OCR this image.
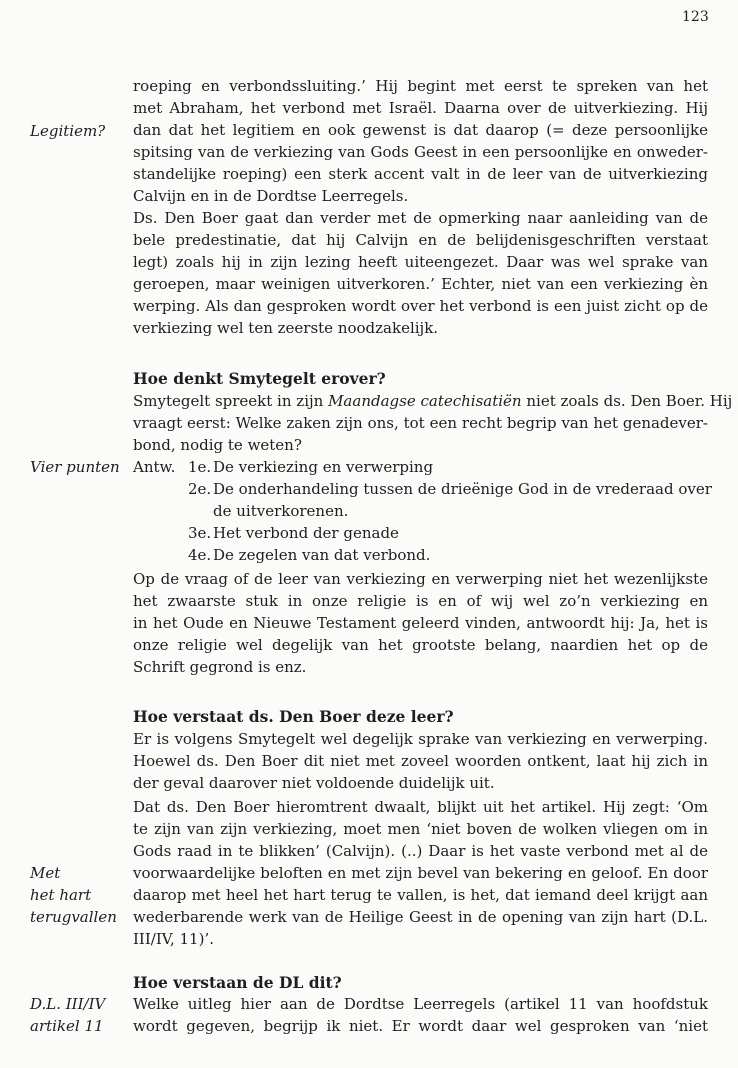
123
Legitiem?
Vier punten
Met
het hart
terugvallen
D.L. III/IV
artikel 11
roeping en verbondssluiting.’ Hij begint met eerst te spreken van het
met Abraham, het verbond met Israël. Daarna over de uitverkiezing. Hij
dan dat het legitiem en ook gewenst is dat daarop (= deze persoonlijke
spitsing van de verkiezing van Gods Geest in een persoonlijke en onweder-
standelijke roeping) een sterk accent valt in de leer van de uitverkiezing
Calvijn en in de Dordtse Leerregels.
Ds. Den Boer gaat dan verder met de opmerking naar aanleiding van de
bele predestinatie, dat hij Calvijn en de belijdenisgeschriften verstaat
legt) zoals hij in zijn lezing heeft uiteengezet. Daar was wel sprake van
geroepen, maar weinigen uitverkoren.’ Echter, niet van een verkiezing èn
werping. Als dan gesproken wordt over het verbond is een juist zicht op de
verkiezing wel ten zeerste noodzakelijk.
Hoe denkt Smytegelt erover?
Smytegelt spreekt in zijn Maandagse catechisatiën niet zoals ds. Den Boer. Hij
vraagt eerst: Welke zaken zijn ons, tot een recht begrip van het genadever-
bond, nodig te weten?
Antw. 1e. De verkiezing en verwerping
2e. De onderhandeling tussen de drieënige God in de vrederaad over
de uitverkorenen.
3e. Het verbond der genade
4e. De zegelen van dat verbond.
Op de vraag of de leer van verkiezing en verwerping niet het wezenlijkste
het zwaarste stuk in onze religie is en of wij wel zo’n verkiezing en
in het Oude en Nieuwe Testament geleerd vinden, antwoordt hij: Ja, het is
onze religie wel degelijk van het grootste belang, naardien het op de
Schrift gegrond is enz.
Hoe verstaat ds. Den Boer deze leer?
Er is volgens Smytegelt wel degelijk sprake van verkiezing en verwerping.
Hoewel ds. Den Boer dit niet met zoveel woorden ontkent, laat hij zich in
der geval daarover niet voldoende duidelijk uit.
Dat ds. Den Boer hieromtrent dwaalt, blijkt uit het artikel. Hij zegt: ‘Om
te zijn van zijn verkiezing, moet men ‘niet boven de wolken vliegen om in
Gods raad in te blikken’ (Calvijn). (..) Daar is het vaste verbond met al de
voorwaardelijke beloften en met zijn bevel van bekering en geloof. En door
daarop met heel het hart terug te vallen, is het, dat iemand deel krijgt aan
wederbarende werk van de Heilige Geest in de opening van zijn hart (D.L.
III/IV, 11)’.
Hoe verstaan de DL dit?
Welke uitleg hier aan de Dordtse Leerregels (artikel 11 van hoofdstuk
wordt gegeven, begrijp ik niet. Er wordt daar wel gesproken van ‘niet
